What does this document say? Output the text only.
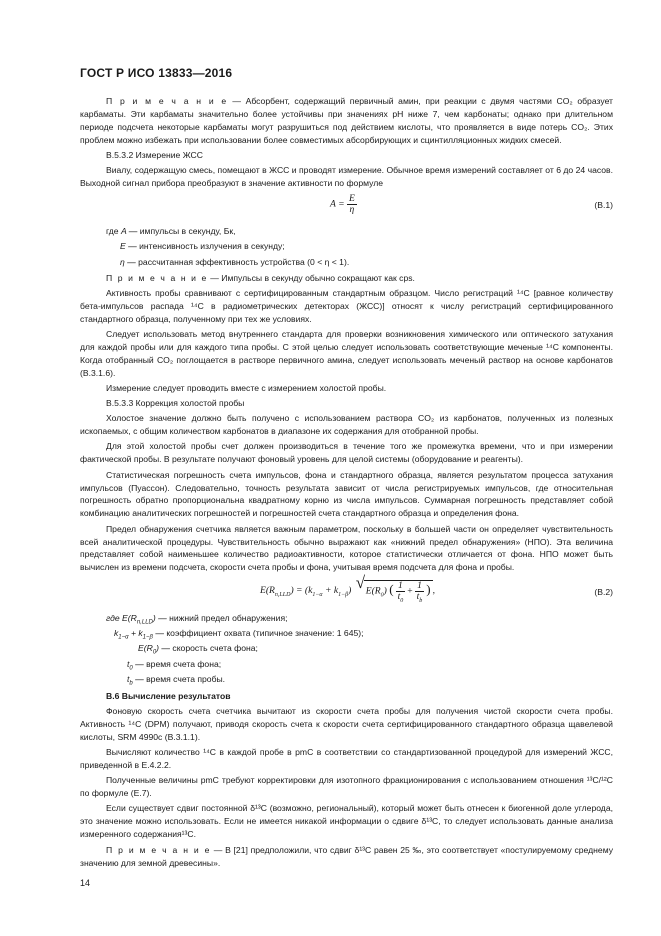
ГОСТ Р ИСО 13833—2016

П р и м е ч а н и е — Абсорбент, содержащий первичный амин, при реакции с двумя частями CO₂ образует карбаматы. Эти карбаматы значительно более устойчивы при значениях pH ниже 7, чем карбонаты; однако при длительном периоде подсчета некоторые карбаматы могут разрушиться под действием кислоты, что проявляется в виде потерь CO₂. Этих проблем можно избежать при использовании более совместимых абсорбирующих и сцинтилляционных жидких смесей.

В.5.3.2 Измерение ЖСС

Виалу, содержащую смесь, помещают в ЖСС и проводят измерение. Обычное время измерений составляет от 6 до 24 часов. Выходной сигнал прибора преобразуют в значение активности по формуле

$A = \frac{E}{\eta}$	(В.1)

где A — импульсы в секунду, Бк,

E — интенсивность излучения в секунду;

η — рассчитанная эффективность устройства (0 < η < 1).

П р и м е ч а н и е — Импульсы в секунду обычно сокращают как cps.

Активность пробы сравнивают с сертифицированным стандартным образцом. Число регистраций ¹⁴C [равное количеству бета-импульсов распада ¹⁴C в радиометрических детекторах (ЖСС)] относят к числу регистраций сертифицированного стандартного образца, полученному при тех же условиях.

Следует использовать метод внутреннего стандарта для проверки возникновения химического или оптического затухания для каждой пробы или для каждого типа пробы. С этой целью следует использовать соответствующие меченые ¹⁴C компоненты. Когда отобранный CO₂ поглощается в растворе первичного амина, следует использовать меченый раствор на основе карбонатов (В.3.1.6).

Измерение следует проводить вместе с измерением холостой пробы.

В.5.3.3 Коррекция холостой пробы

Холостое значение должно быть получено с использованием раствора CO₂ из карбонатов, полученных из полезных ископаемых, с общим количеством карбонатов в диапазоне их содержания для отобранной пробы.

Для этой холостой пробы счет должен производиться в течение того же промежутка времени, что и при измерении фактической пробы. В результате получают фоновый уровень для целой системы (оборудование и реагенты).

Статистическая погрешность счета импульсов, фона и стандартного образца, является результатом процесса затухания импульсов (Пуассон). Следовательно, точность результата зависит от числа регистрируемых импульсов, где относительная погрешность обратно пропорциональна квадратному корню из числа импульсов. Суммарная погрешность представляет собой комбинацию аналитических погрешностей и погрешностей счета стандартного образца и определения фона.

Предел обнаружения счетчика является важным параметром, поскольку в большей части он определяет чувствительность всей аналитической процедуры. Чувствительность обычно выражают как «нижний предел обнаружения» (НПО). Эта величина представляет собой наименьшее количество радиоактивности, которое статистически отличается от фона. НПО может быть вычислен из времени подсчета, скорости счета пробы и фона, учитывая время подсчета для фона и пробы.

$E(R_{n,LLD}) = (k_{1-\alpha} + k_{1-\beta})$ √ $E(R_0)$ ( $\frac{1}{t_0} + \frac{1}{t_b}$ ) ,	(В.2)

где $E(R_{n,LLD})$ — нижний предел обнаружения;

$k_{1-\alpha} + k_{1-\beta}$ — коэффициент охвата (типичное значение: 1 645);

$E(R_0)$ — скорость счета фона;

$t_0$ — время счета фона;

$t_b$ — время счета пробы.

В.6 Вычисление результатов

Фоновую скорость счета счетчика вычитают из скорости счета пробы для получения чистой скорости счета пробы. Активность ¹⁴C (DPM) получают, приводя скорость счета к скорости счета сертифицированного стандартного образца щавелевой кислоты, SRM 4990c (В.3.1.1).

Вычисляют количество ¹⁴C в каждой пробе в pmC в соответствии со стандартизованной процедурой для измерений ЖСС, приведенной в Е.4.2.2.

Полученные величины pmC требуют корректировки для изотопного фракционирования с использованием отношения ¹³C/¹²C по формуле (Е.7).

Если существует сдвиг постоянной δ¹³C (возможно, региональный), который может быть отнесен к биогенной доле углерода, это значение можно использовать. Если не имеется никакой информации о сдвиге δ¹³C, то следует использовать данные анализа измеренного содержания¹³C.

П р и м е ч а н и е — В [21] предположили, что сдвиг δ¹³C равен 25 ‰, это соответствует «постулируемому среднему значению для земной древесины».

14
